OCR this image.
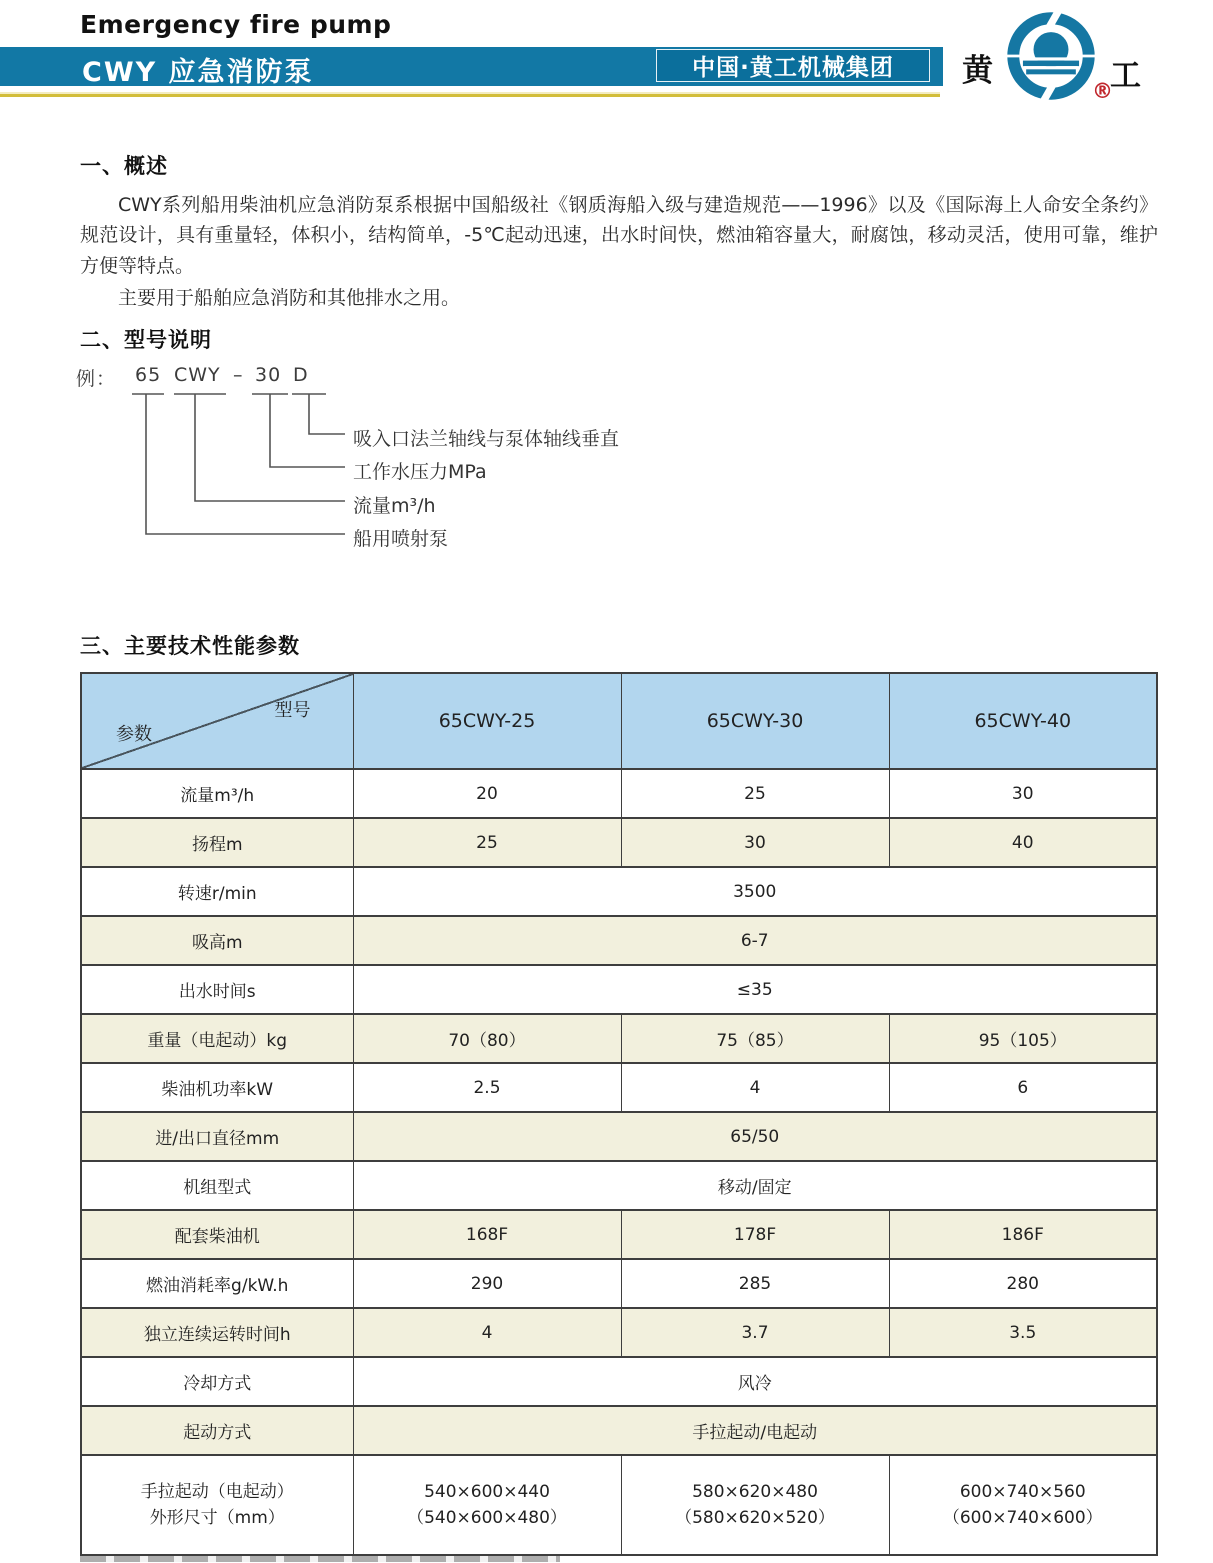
Emergency fire pump
CWY 应急消防泵	中国·黄工机械集团	黄	工
®
一、概述

CWY系列船用柴油机应急消防泵系根据中国船级社《钢质海船入级与建造规范——1996》以及《国际海上人命安全条约》规范设计，具有重量轻，体积小，结构简单，-5℃起动迅速，出水时间快，燃油箱容量大，耐腐蚀，移动灵活，使用可靠，维护方便等特点。

主要用于船舶应急消防和其他排水之用。

二、型号说明
例： 65 CWY – 30 D
吸入口法兰轴线与泵体轴线垂直
工作水压力MPa
流量m³/h
船用喷射泵
三、主要技术性能参数
型号
参数	65CWY-25	65CWY-30	65CWY-40
流量m³/h	20	25	30
扬程m	25	30	40
转速r/min	3500		
吸高m	6-7		
出水时间s	≤35		
重量（电起动）kg	70（80）	75（85）	95（105）
柴油机功率kW	2.5	4	6
进/出口直径mm	65/50		
机组型式	移动/固定		
配套柴油机	168F	178F	186F
燃油消耗率g/kW.h	290	285	280
独立连续运转时间h	4	3.7	3.5
冷却方式	风冷		
起动方式	手拉起动/电起动		

手拉起动（电起动）
外形尺寸（mm）

540×600×440
（540×600×480）

580×620×480
（580×620×520）

600×740×560
（600×740×600）
